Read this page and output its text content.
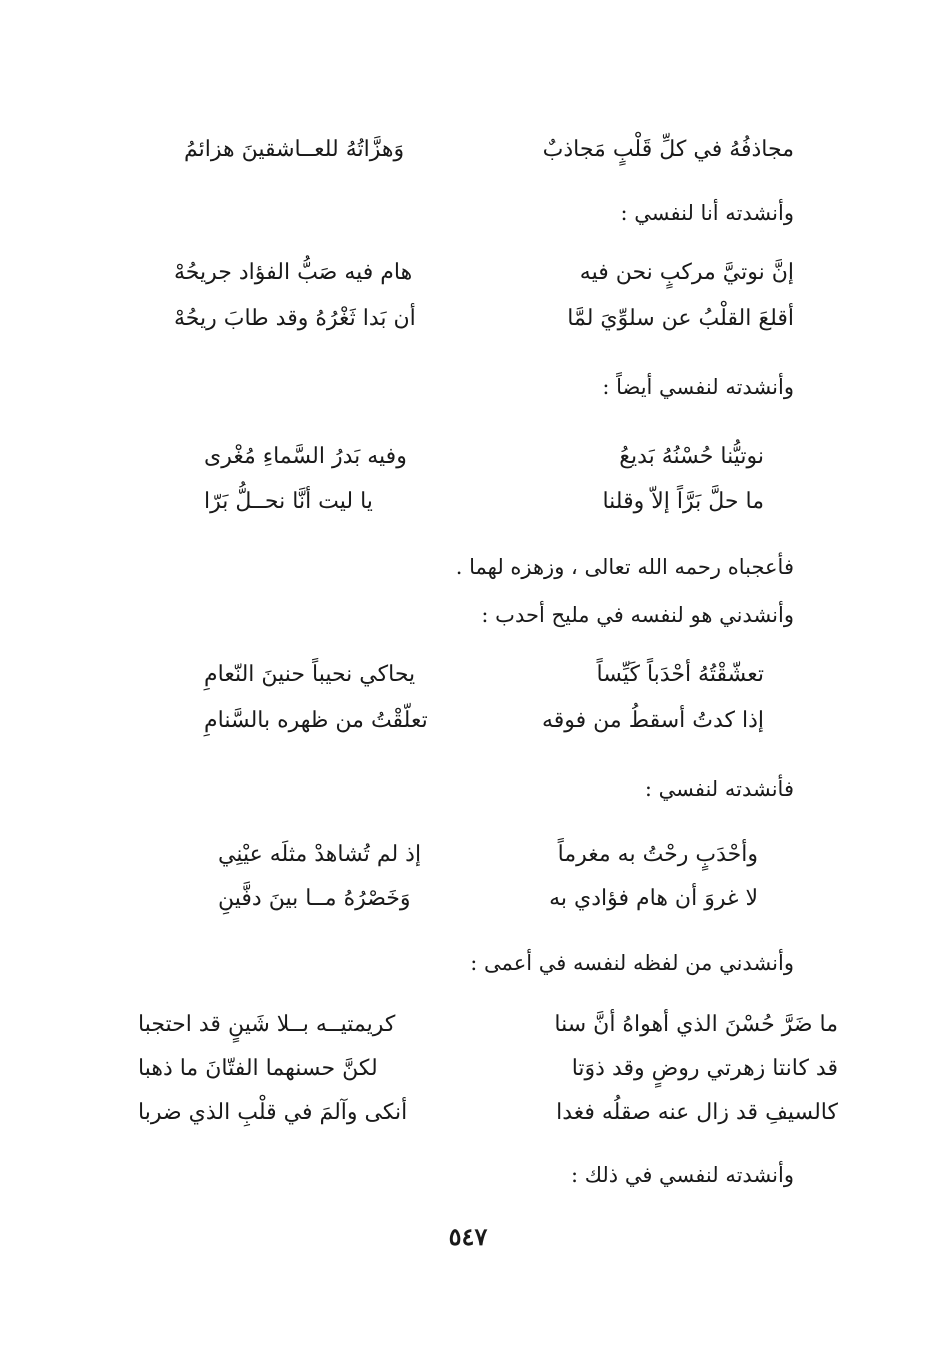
مجاذفُهُ في كلِّ قَلْبٍ مَجاذبٌ
وَهزَّاتُهُ للعــاشقينَ هزائمُ
وأنشدته أنا لنفسي :
إنَّ نوتيَّ مركبٍ نحن فيه
هام فيه صَبُّ الفؤاد جريحُهْ
أقلعَ القلْبُ عن سلوِّيَ لمَّا
أن بَدا ثَغْرُهُ وقد طابَ ريحُهْ
وأنشدته لنفسي أيضاً :
نوتيُّنا حُسْنُهُ بَديعُ
وفيه بَدرُ السَّماءِ مُغْرى
ما حلَّ بَرَّاً إلاّ وقلنا
يا ليت أنَّا نحــلُّ بَرّا
فأعجباه رحمه الله تعالى ، وزهزه لهما .
وأنشدني هو لنفسه في مليح أحدب :
تعشّقْتُهُ أحْدَباً كَيِّساً
يحاكي نحيباً حنينَ النّعامِ
إذا كدتُ أسقطُ من فوقه
تعلّقْتُ من ظهره بالسَّنامِ
فأنشدته لنفسي :
وأحْدَبٍ رحْتُ به مغرماً
إذ لم تُشاهدْ مثلَه عيْنِي
لا غروَ أن هام فؤادي به
وَخَصْرُهُ مــا بينَ دفَّينِ
وأنشدني من لفظه لنفسه في أعمى :
ما ضَرَّ حُسْنَ الذي أهواهُ أنَّ سنا
كريمتيــه بــلا شَينٍ قد احتجبا
قد كانتا زهرتي روضٍ وقد ذوَتا
لكنَّ حسنهما الفتّانَ ما ذهبا
كالسيفِ قد زال عنه صقلُه فغدا
أنكى وآلمَ في قلْبِ الذي ضربا
وأنشدته لنفسي في ذلك :
٥٤٧
